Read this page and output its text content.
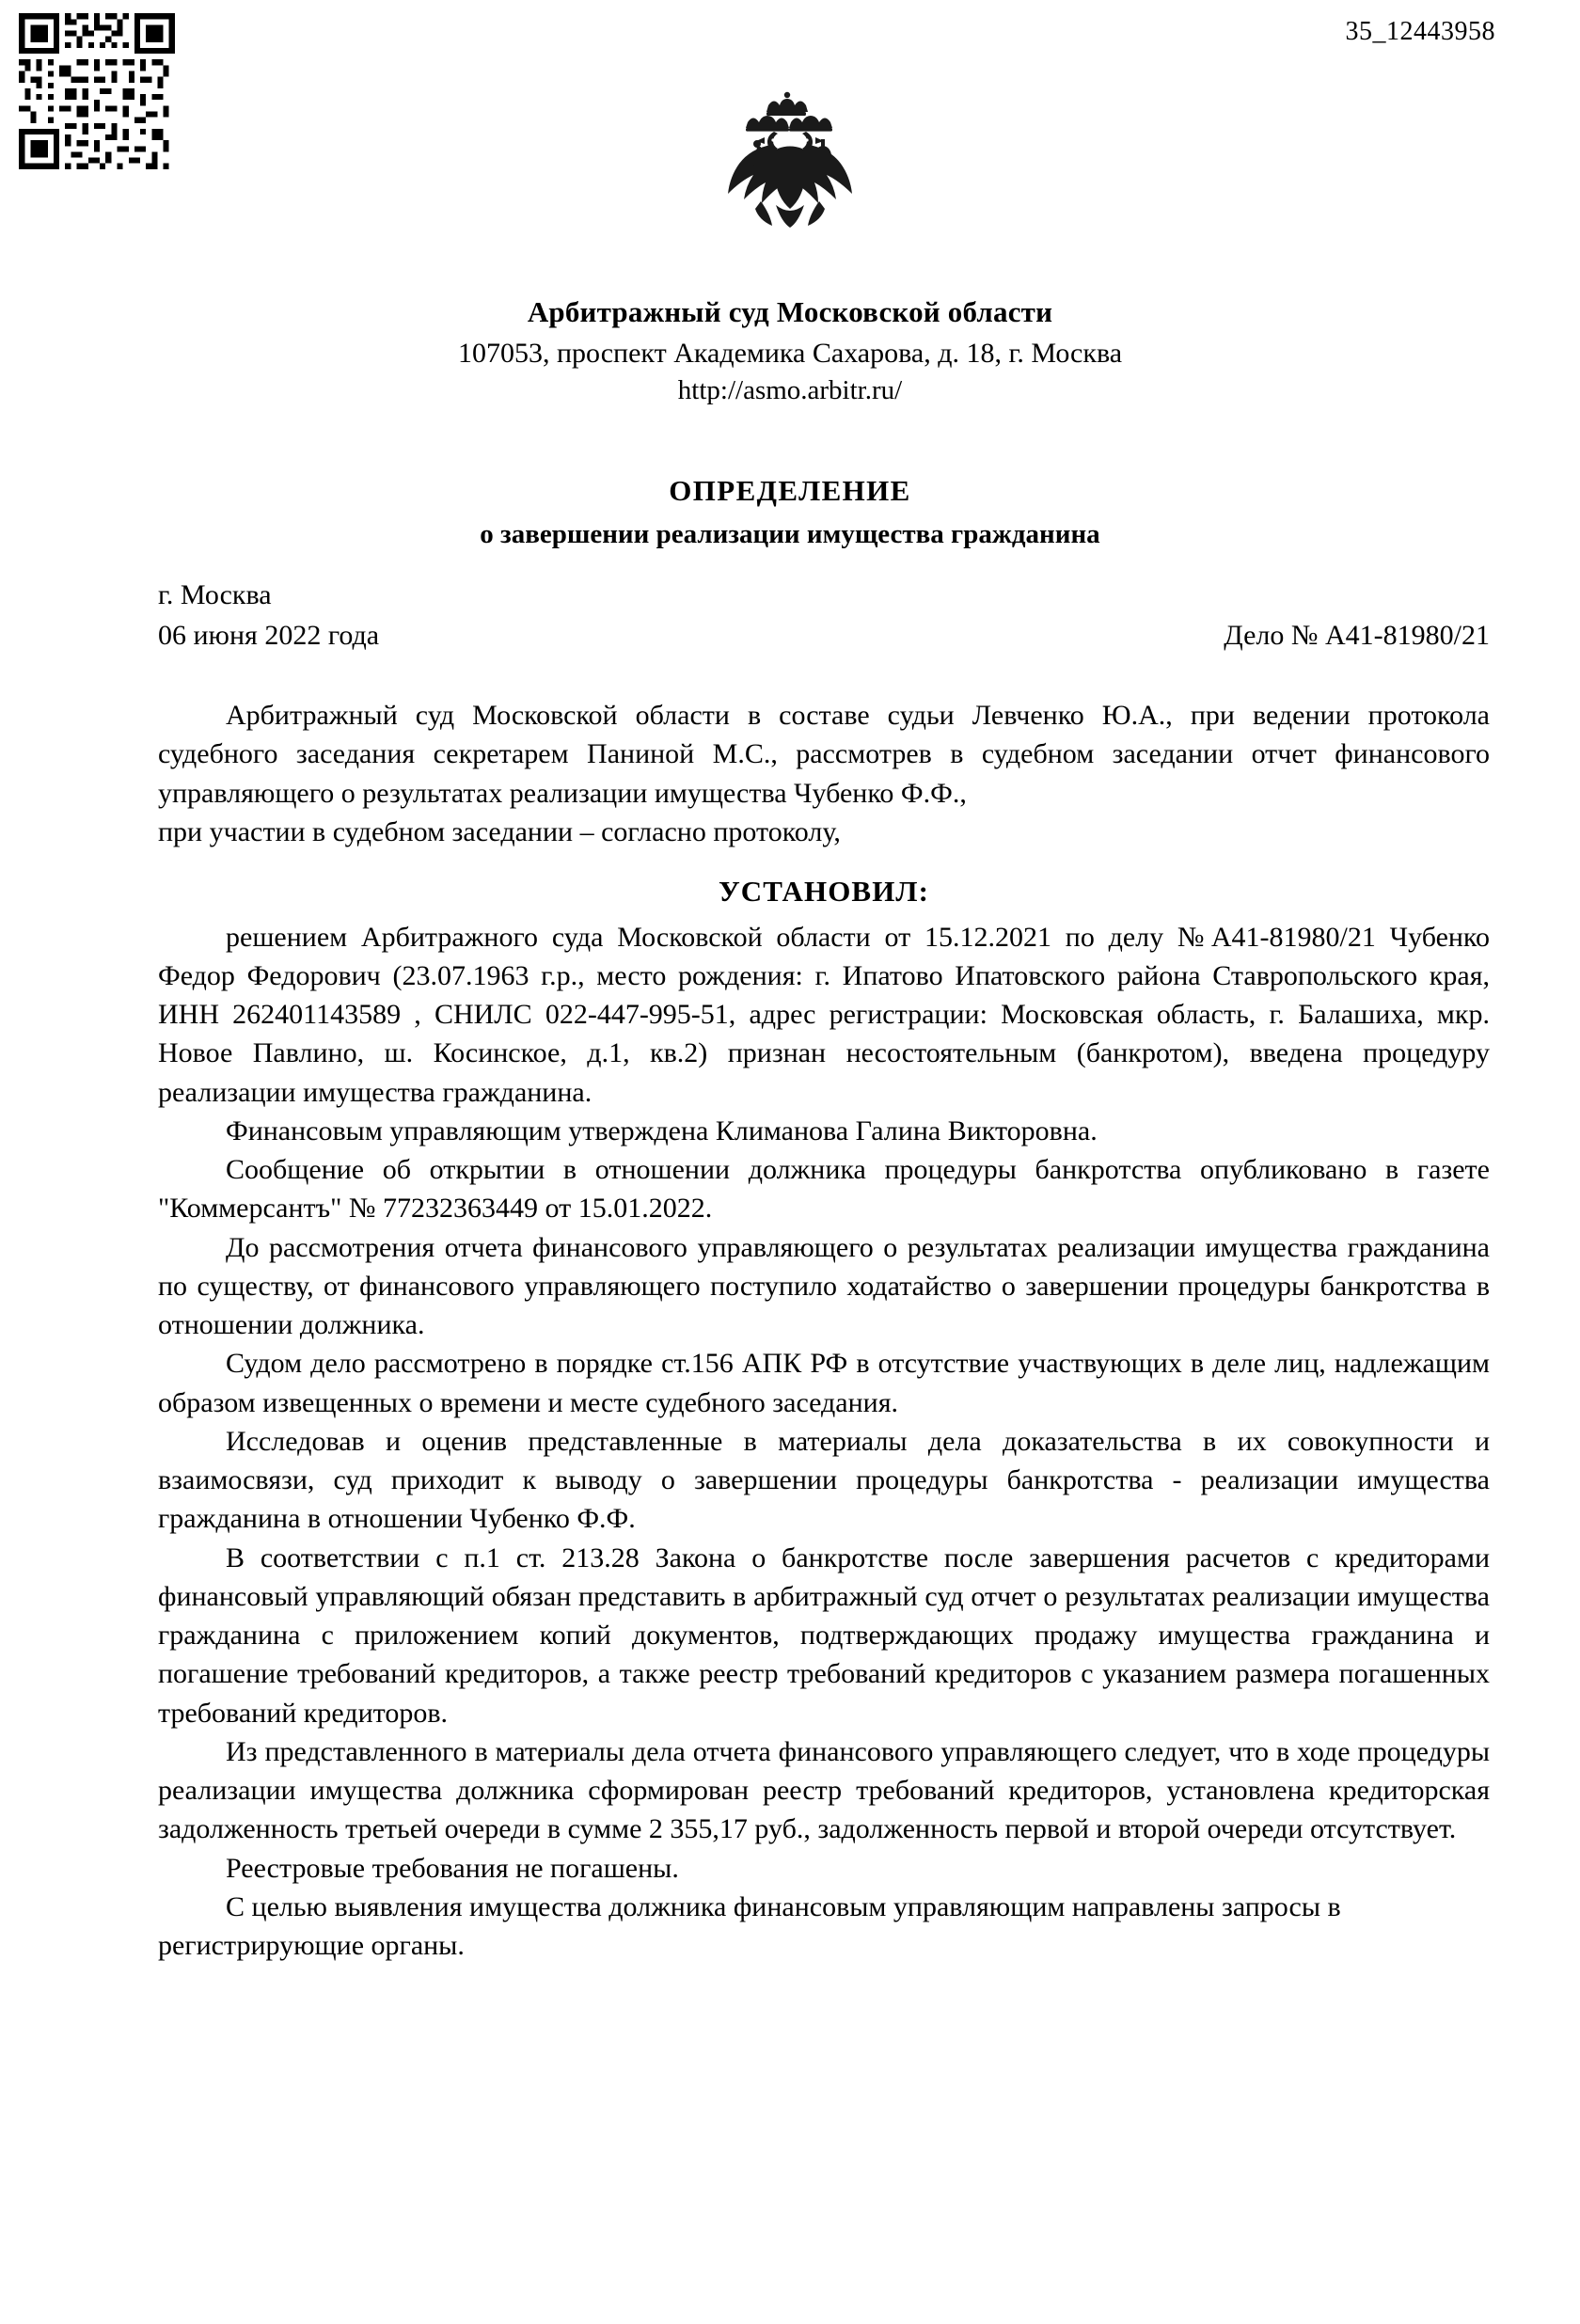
35_12443958
Арбитражный суд Московской области
107053, проспект Академика Сахарова, д. 18, г. Москва
http://asmo.arbitr.ru/
ОПРЕДЕЛЕНИЕ
о завершении реализации имущества гражданина
г. Москва
06 июня 2022 года	Дело № А41-81980/21

Арбитражный суд Московской области в составе судьи Левченко Ю.А., при ведении протокола судебного заседания секретарем Паниной М.С., рассмотрев в судебном заседании отчет финансового управляющего о результатах реализации имущества Чубенко Ф.Ф.,

при участии в судебном заседании – согласно протоколу,

УСТАНОВИЛ:

решением Арбитражного суда Московской области от 15.12.2021 по делу №А41-81980/21 Чубенко Федор Федорович (23.07.1963 г.р., место рождения: г. Ипатово Ипатовского района Ставропольского края, ИНН 262401143589 , СНИЛС 022-447-995-51, адрес регистрации: Московская область, г. Балашиха, мкр. Новое Павлино, ш. Косинское, д.1, кв.2) признан несостоятельным (банкротом), введена процедуру реализации имущества гражданина.

Финансовым управляющим утверждена Климанова Галина Викторовна.

Сообщение об открытии в отношении должника процедуры банкротства опубликовано в газете "Коммерсантъ" № 77232363449 от 15.01.2022.

До рассмотрения отчета финансового управляющего о результатах реализации имущества гражданина по существу, от финансового управляющего поступило ходатайство о завершении процедуры банкротства в отношении должника.

Судом дело рассмотрено в порядке ст.156 АПК РФ в отсутствие участвующих в деле лиц, надлежащим образом извещенных о времени и месте судебного заседания.

Исследовав и оценив представленные в материалы дела доказательства в их совокупности и взаимосвязи, суд приходит к выводу о завершении процедуры банкротства - реализации имущества гражданина в отношении Чубенко Ф.Ф.

В соответствии с п.1 ст. 213.28 Закона о банкротстве после завершения расчетов с кредиторами финансовый управляющий обязан представить в арбитражный суд отчет о результатах реализации имущества гражданина с приложением копий документов, подтверждающих продажу имущества гражданина и погашение требований кредиторов, а также реестр требований кредиторов с указанием размера погашенных требований кредиторов.

Из представленного в материалы дела отчета финансового управляющего следует, что в ходе процедуры реализации имущества должника сформирован реестр требований кредиторов, установлена кредиторская задолженность третьей очереди в сумме 2 355,17 руб., задолженность первой и второй очереди отсутствует.

Реестровые требования не погашены.

С целью выявления имущества должника финансовым управляющим направлены запросы в регистрирующие органы.
